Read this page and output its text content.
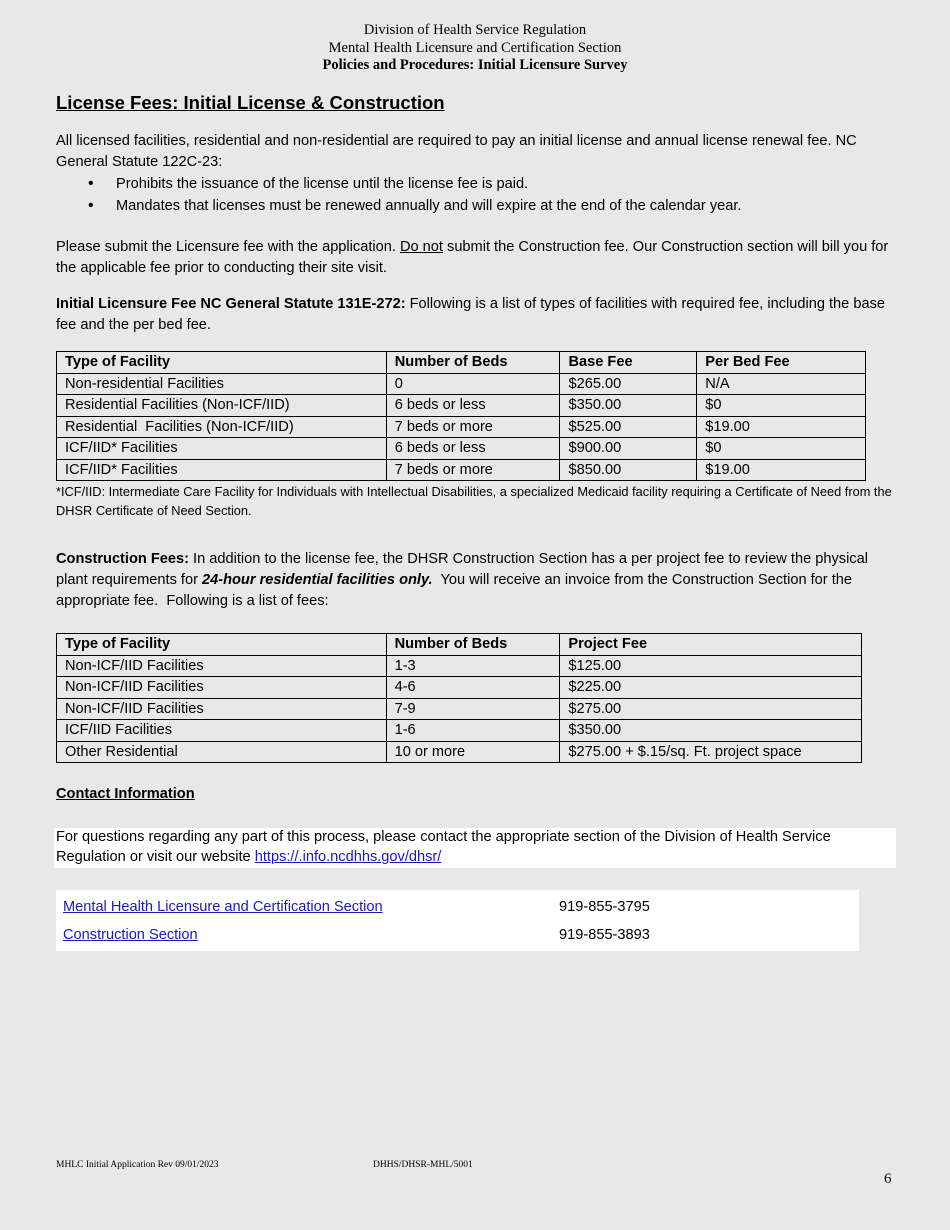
Division of Health Service Regulation
Mental Health Licensure and Certification Section
Policies and Procedures: Initial Licensure Survey
License Fees: Initial License & Construction

All licensed facilities, residential and non-residential are required to pay an initial license and annual license renewal fee. NC General Statute 122C-23:

• Prohibits the issuance of the license until the license fee is paid.
• Mandates that licenses must be renewed annually and will expire at the end of the calendar year.

Please submit the Licensure fee with the application. Do not submit the Construction fee. Our Construction section will bill you for the applicable fee prior to conducting their site visit.

Initial Licensure Fee NC General Statute 131E-272: Following is a list of types of facilities with required fee, including the base fee and the per bed fee.

Type of Facility	Number of Beds	Base Fee	Per Bed Fee
Non-residential Facilities	0	$265.00	N/A
Residential Facilities (Non-ICF/IID)	6 beds or less	$350.00	$0
Residential  Facilities (Non-ICF/IID)	7 beds or more	$525.00	$19.00
ICF/IID* Facilities	6 beds or less	$900.00	$0
ICF/IID* Facilities	7 beds or more	$850.00	$19.00

*ICF/IID: Intermediate Care Facility for Individuals with Intellectual Disabilities, a specialized Medicaid facility requiring a Certificate of Need from the DHSR Certificate of Need Section.

Construction Fees: In addition to the license fee, the DHSR Construction Section has a per project fee to review the physical plant requirements for 24-hour residential facilities only.  You will receive an invoice from the Construction Section for the appropriate fee.  Following is a list of fees:

Type of Facility	Number of Beds	Project Fee
Non-ICF/IID Facilities	1-3	$125.00
Non-ICF/IID Facilities	4-6	$225.00
Non-ICF/IID Facilities	7-9	$275.00
ICF/IID Facilities	1-6	$350.00
Other Residential	10 or more	$275.00 + $.15/sq. Ft. project space
Contact Information

For questions regarding any part of this process, please contact the appropriate section of the Division of Health Service Regulation or visit our website https://.info.ncdhhs.gov/dhsr/

Mental Health Licensure and Certification Section	919-855-3795
Construction Section	919-855-3893
MHLC Initial Application Rev 09/01/2023	DHHS/DHSR-MHL/5001
6
